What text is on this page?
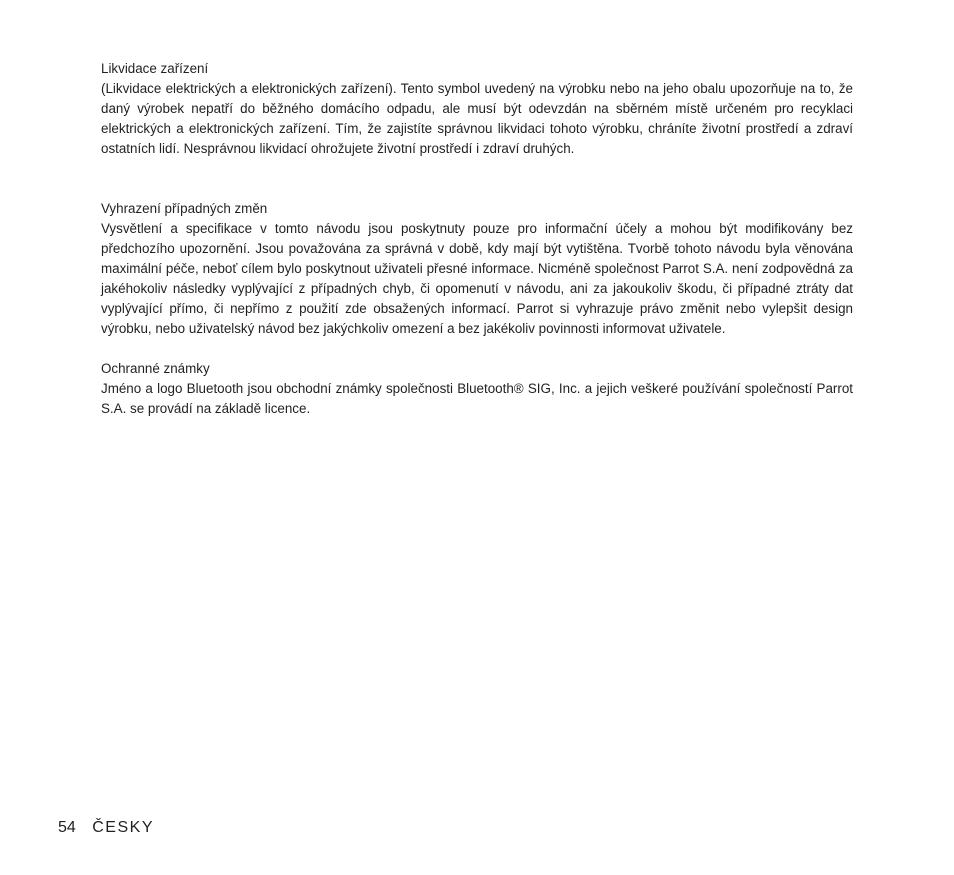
Likvidace zařízení

(Likvidace elektrických a elektronických zařízení). Tento symbol uvedený na výrobku nebo na jeho obalu upozorňuje na to, že daný výrobek nepatří do běžného domácího odpadu, ale musí být odevzdán na sběrném místě určeném pro recyklaci elektrických a elektronických zařízení. Tím, že zajistíte správnou likvidaci tohoto výrobku, chráníte životní prostředí a zdraví ostatních lidí. Nesprávnou likvidací ohrožujete životní prostředí i zdraví druhých.

Vyhrazení případných změn

Vysvětlení a specifikace v tomto návodu jsou poskytnuty pouze pro informační účely a mohou být modifikovány bez předchozího upozornění. Jsou považována za správná v době, kdy mají být vytištěna. Tvorbě tohoto návodu byla věnována maximální péče, neboť cílem bylo poskytnout uživateli přesné informace. Nicméně společnost Parrot S.A. není zodpovědná za jakéhokoliv následky vyplývající z případných chyb, či opomenutí v návodu, ani za jakoukoliv škodu, či případné ztráty dat vyplývající přímo, či nepřímo z použití zde obsažených informací. Parrot si vyhrazuje právo změnit nebo vylepšit design výrobku, nebo uživatelský návod bez jakýchkoliv omezení a bez jakékoliv povinnosti informovat uživatele.

Ochranné známky

Jméno a logo Bluetooth jsou obchodní známky společnosti Bluetooth® SIG, Inc. a jejich veškeré používání společností Parrot S.A. se provádí na základě licence.

54 ČESKY
